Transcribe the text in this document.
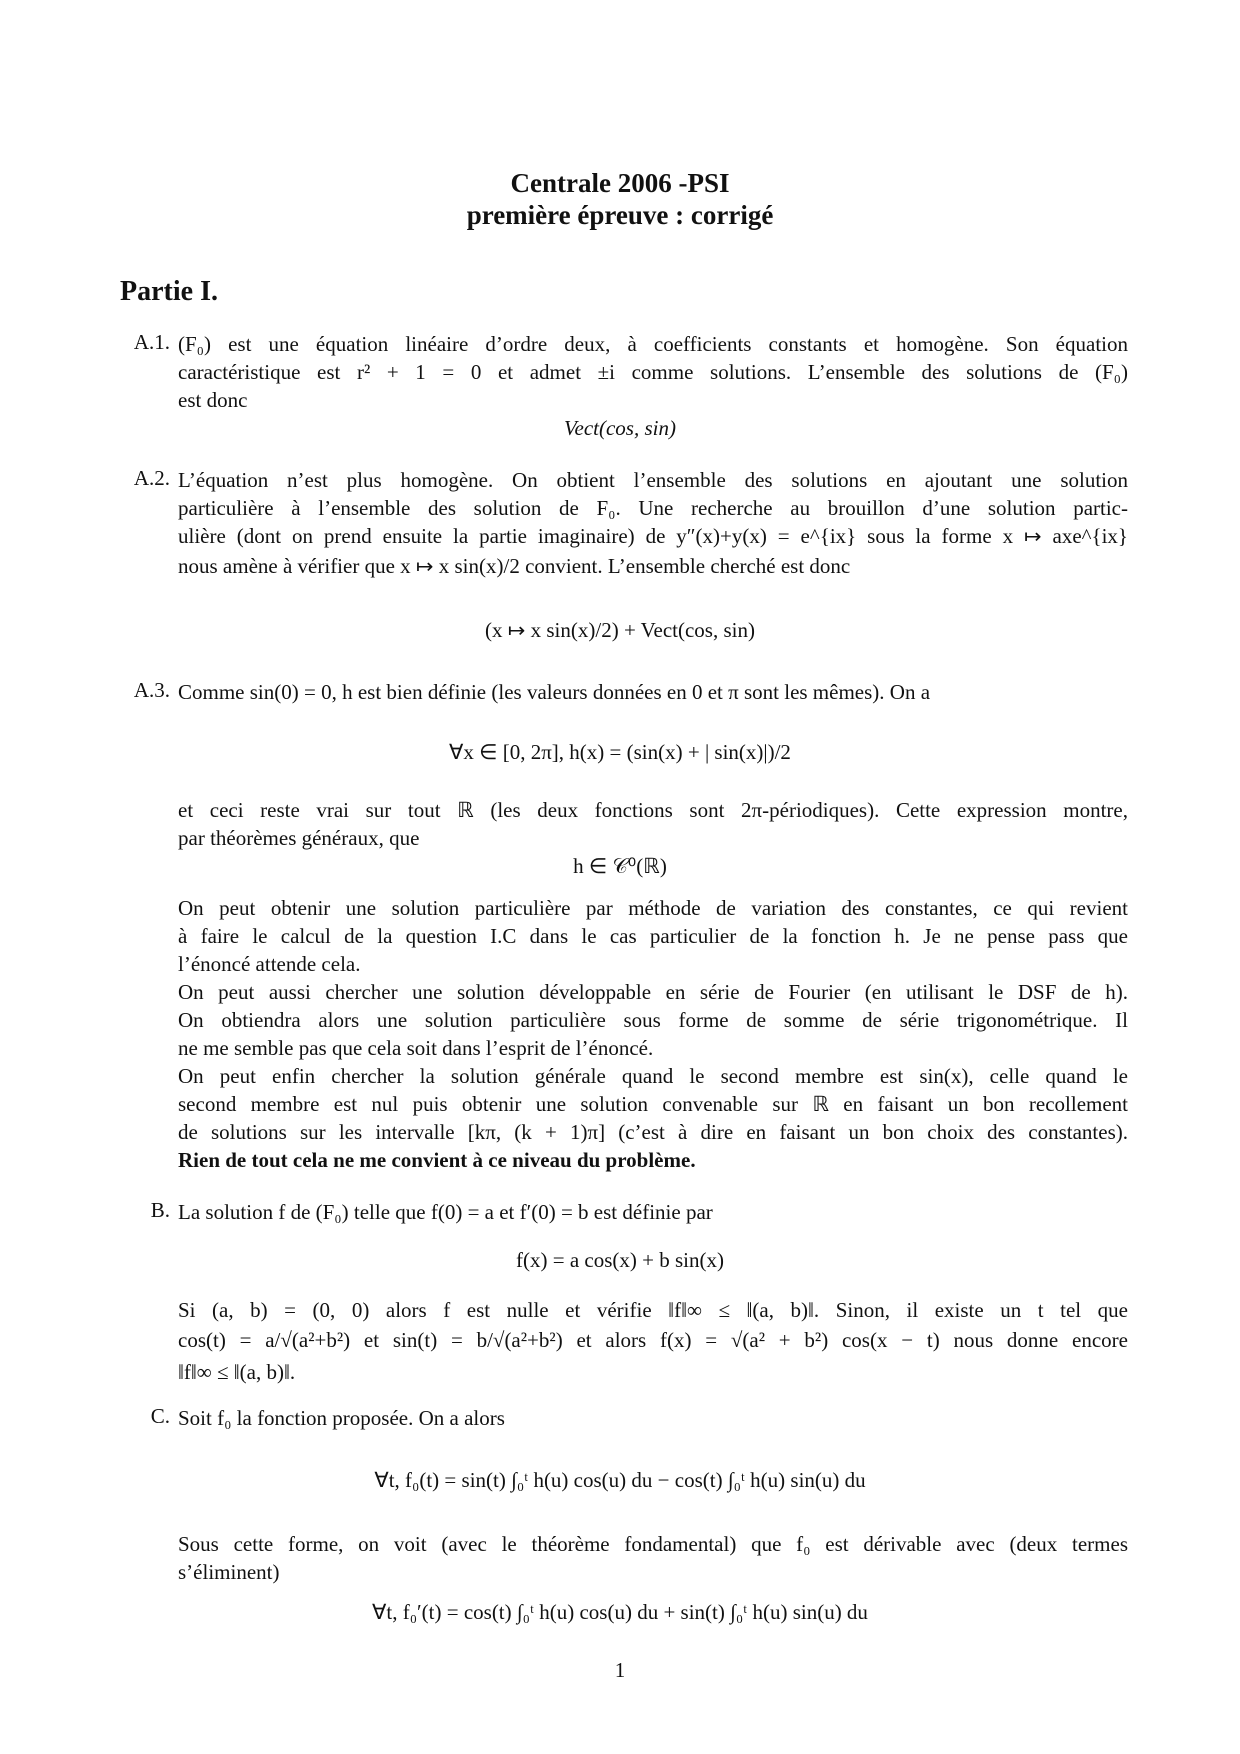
Centrale 2006 -PSI
première épreuve : corrigé
Partie I.
A.1. (F₀) est une équation linéaire d’ordre deux, à coefficients constants et homogène. Son équation
caractéristique est r² + 1 = 0 et admet ±i comme solutions. L’ensemble des solutions de (F₀)
est donc
Vect(cos, sin)
A.2. L’équation n’est plus homogène. On obtient l’ensemble des solutions en ajoutant une solution
particulière à l’ensemble des solution de F₀. Une recherche au brouillon d’une solution partic-
ulière (dont on prend ensuite la partie imaginaire) de y″(x)+y(x) = e^{ix} sous la forme x ↦ axe^{ix}
nous amène à vérifier que x ↦ x sin(x)/2 convient. L’ensemble cherché est donc
(x ↦ x sin(x)/2) + Vect(cos, sin)
A.3. Comme sin(0) = 0, h est bien définie (les valeurs données en 0 et π sont les mêmes). On a
∀x ∈ [0, 2π], h(x) = (sin(x) + | sin(x)|)/2
et ceci reste vrai sur tout ℝ (les deux fonctions sont 2π-périodiques). Cette expression montre,
par théorèmes généraux, que
h ∈ 𝒞⁰(ℝ)
On peut obtenir une solution particulière par méthode de variation des constantes, ce qui revient
à faire le calcul de la question I.C dans le cas particulier de la fonction h. Je ne pense pass que
l’énoncé attende cela.
On peut aussi chercher une solution développable en série de Fourier (en utilisant le DSF de h).
On obtiendra alors une solution particulière sous forme de somme de série trigonométrique. Il
ne me semble pas que cela soit dans l’esprit de l’énoncé.
On peut enfin chercher la solution générale quand le second membre est sin(x), celle quand le
second membre est nul puis obtenir une solution convenable sur ℝ en faisant un bon recollement
de solutions sur les intervalle [kπ, (k + 1)π] (c’est à dire en faisant un bon choix des constantes).
Rien de tout cela ne me convient à ce niveau du problème.
B. La solution f de (F₀) telle que f(0) = a et f′(0) = b est définie par
f(x) = a cos(x) + b sin(x)
Si (a, b) = (0, 0) alors f est nulle et vérifie ‖f‖∞ ≤ ‖(a, b)‖. Sinon, il existe un t tel que
cos(t) = a/√(a²+b²) et sin(t) = b/√(a²+b²) et alors f(x) = √(a² + b²) cos(x − t) nous donne encore
‖f‖∞ ≤ ‖(a, b)‖.
C. Soit f₀ la fonction proposée. On a alors
∀t, f₀(t) = sin(t) ∫₀ᵗ h(u) cos(u) du − cos(t) ∫₀ᵗ h(u) sin(u) du
Sous cette forme, on voit (avec le théorème fondamental) que f₀ est dérivable avec (deux termes
s’éliminent)
∀t, f₀′(t) = cos(t) ∫₀ᵗ h(u) cos(u) du + sin(t) ∫₀ᵗ h(u) sin(u) du
1
